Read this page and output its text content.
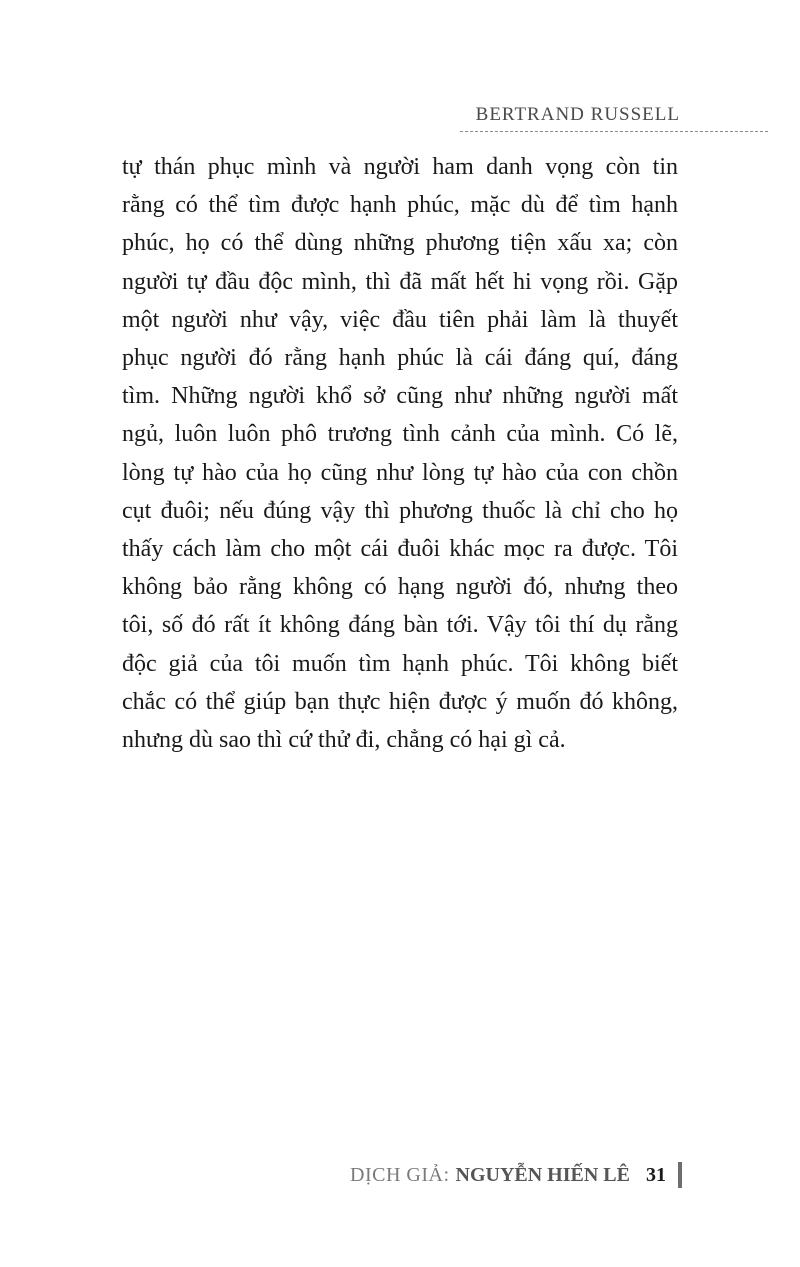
BERTRAND RUSSELL
tự thán phục mình và người ham danh vọng còn tin
rằng có thể tìm được hạnh phúc, mặc dù để tìm hạnh
phúc, họ có thể dùng những phương tiện xấu xa; còn
người tự đầu độc mình, thì đã mất hết hi vọng rồi. Gặp
một người như vậy, việc đầu tiên phải làm là thuyết
phục người đó rằng hạnh phúc là cái đáng quí, đáng
tìm. Những người khổ sở cũng như những người mất
ngủ, luôn luôn phô trương tình cảnh của mình. Có lẽ,
lòng tự hào của họ cũng như lòng tự hào của con chồn
cụt đuôi; nếu đúng vậy thì phương thuốc là chỉ cho họ
thấy cách làm cho một cái đuôi khác mọc ra được. Tôi
không bảo rằng không có hạng người đó, nhưng theo
tôi, số đó rất ít không đáng bàn tới. Vậy tôi thí dụ rằng
độc giả của tôi muốn tìm hạnh phúc. Tôi không biết
chắc có thể giúp bạn thực hiện được ý muốn đó không,
nhưng dù sao thì cứ thử đi, chẳng có hại gì cả.
DỊCH GIẢ: NGUYỄN HIẾN LÊ 31
